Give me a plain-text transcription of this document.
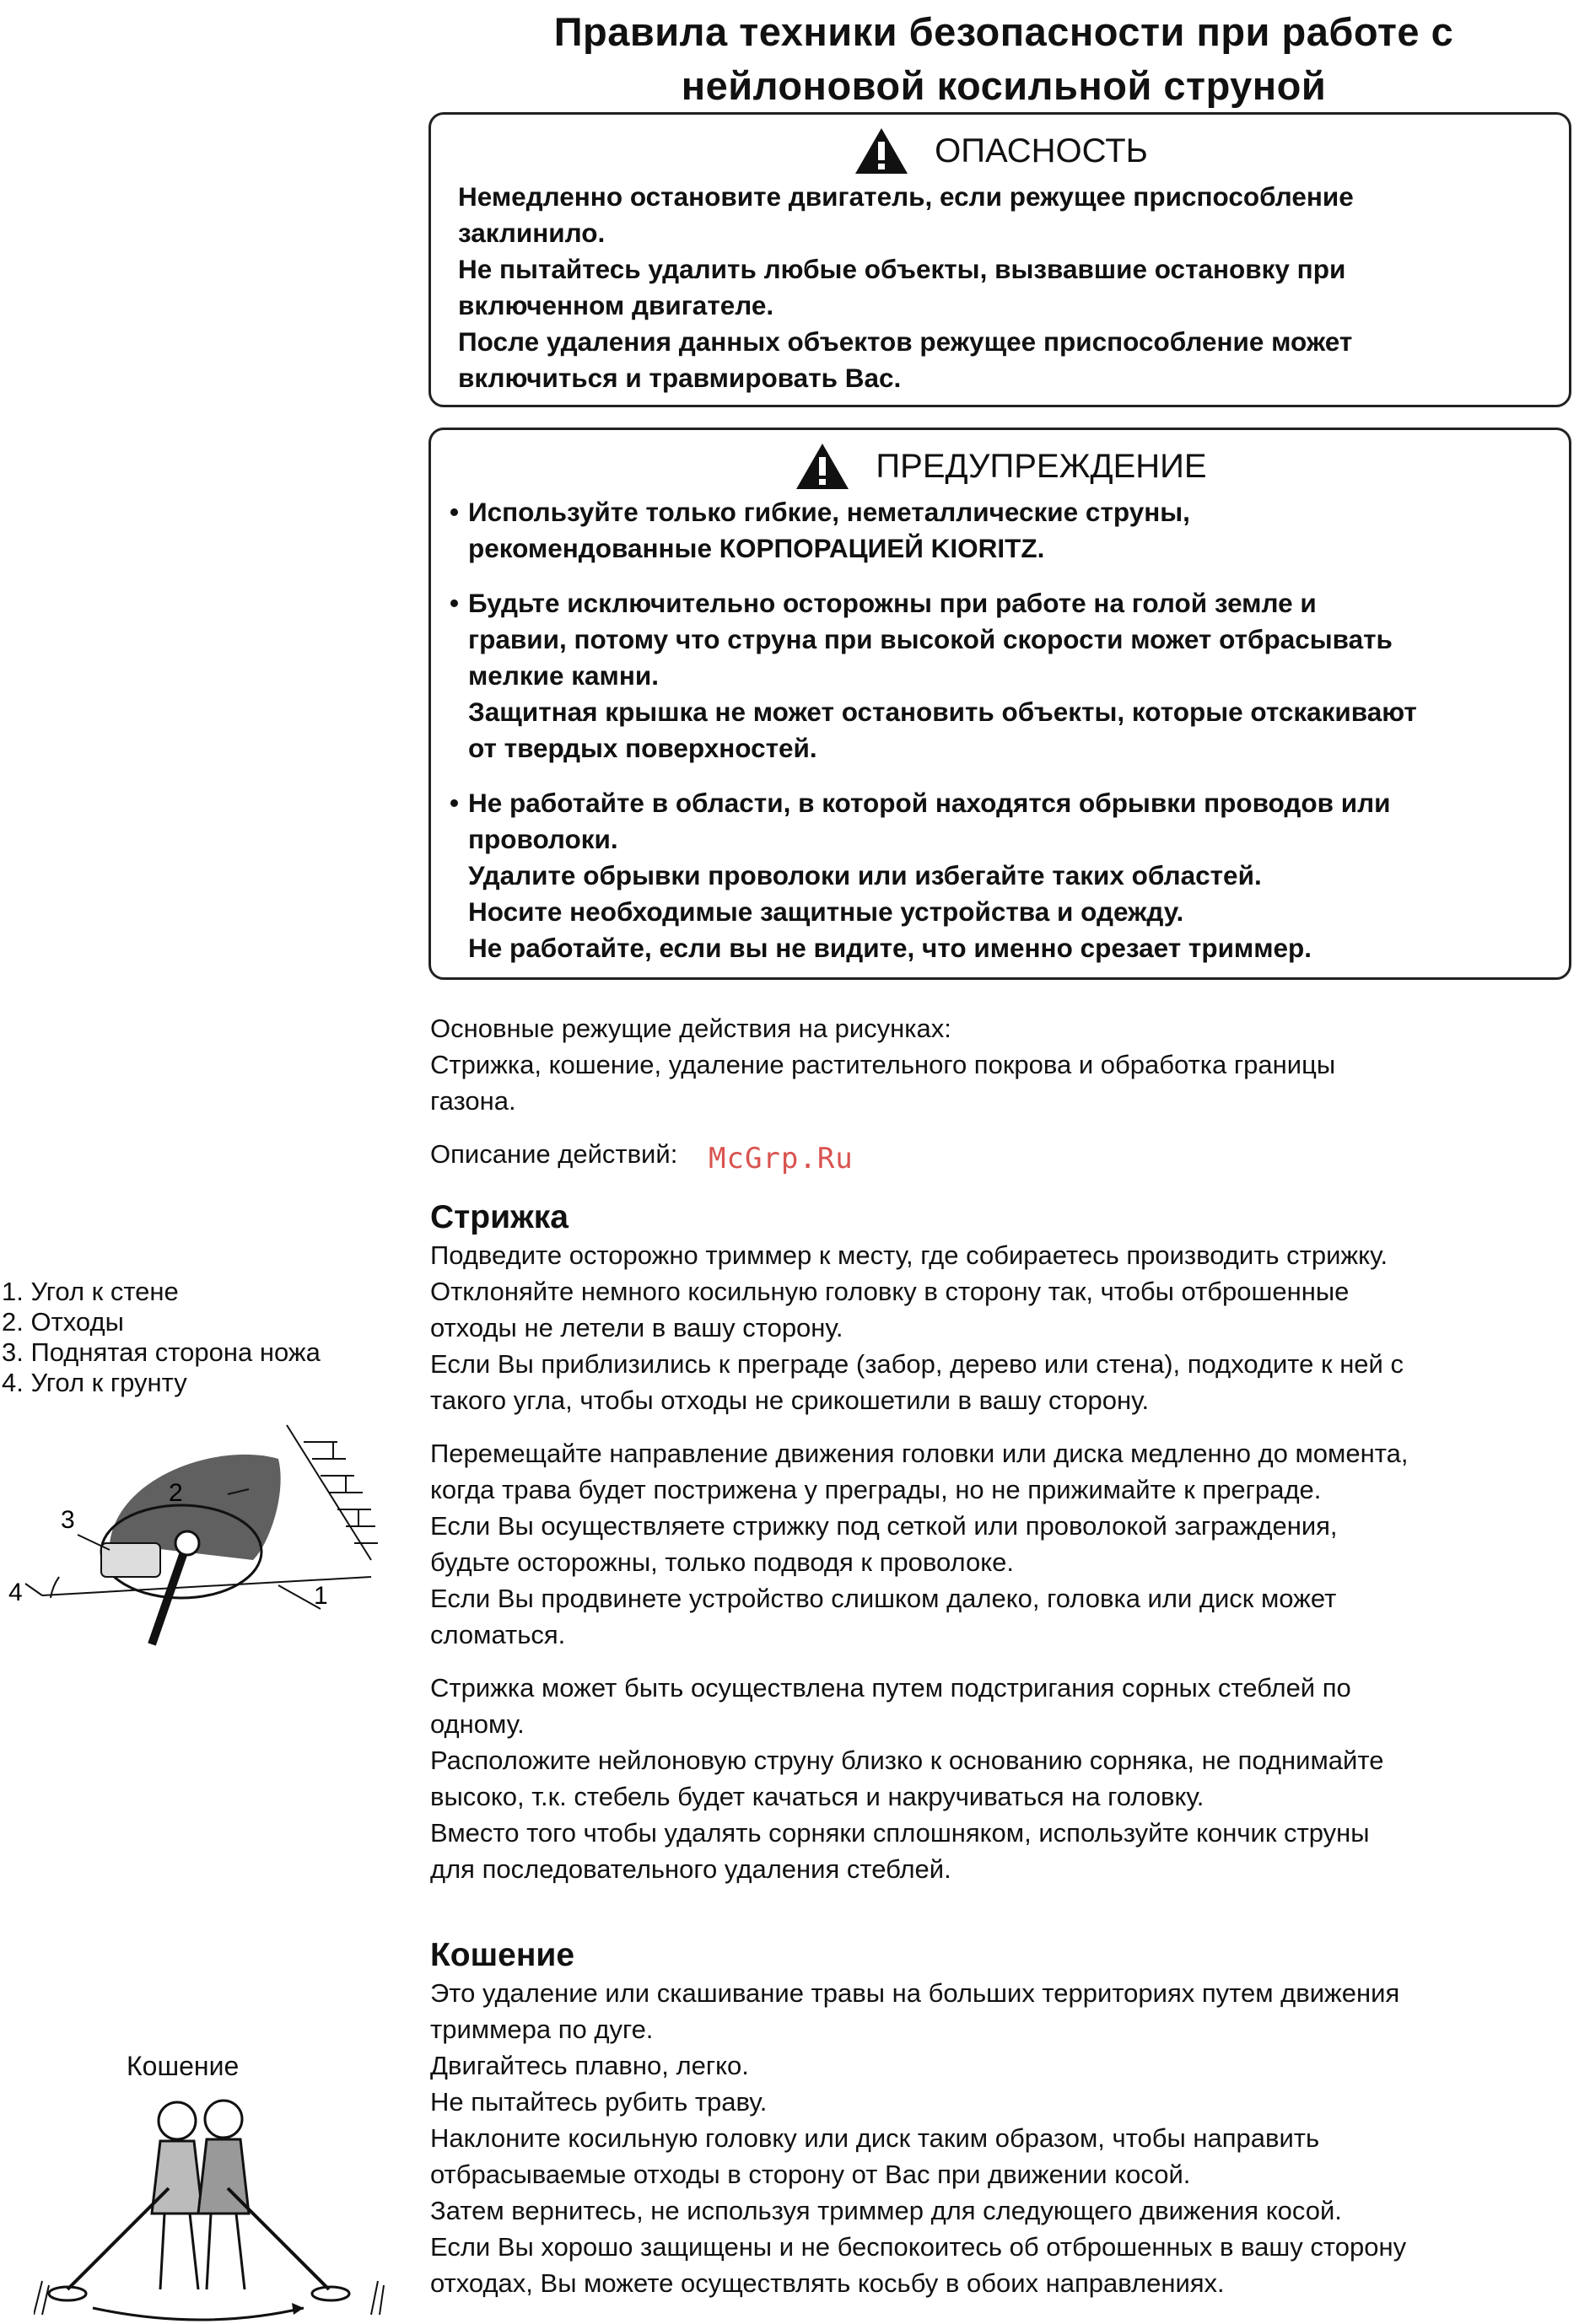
Правила техники безопасности при работе с
нейлоновой косильной струной
ОПАСНОСТЬ
Немедленно остановите двигатель, если режущее приспособление
заклинило.
Не пытайтесь удалить любые объекты, вызвавшие остановку при
включенном двигателе.
После удаления данных объектов режущее приспособление может
включиться и травмировать Вас.
ПРЕДУПРЕЖДЕНИЕ
• Используйте только гибкие, неметаллические струны,
рекомендованные КОРПОРАЦИЕЙ KIORITZ.
• Будьте исключительно осторожны при работе на голой земле и
гравии, потому что струна при высокой скорости может отбрасывать
мелкие камни.
Защитная крышка не может остановить объекты, которые отскакивают
от твердых поверхностей.
• Не работайте в области, в которой находятся обрывки проводов или
проволоки.
Удалите обрывки проволоки или избегайте таких областей.
Носите необходимые защитные устройства и одежду.
Не работайте, если вы не видите, что именно срезает триммер.
Основные режущие действия на рисунках:
Стрижка, кошение, удаление растительного покрова и обработка границы
газона.
Описание действий:	McGrp.Ru
Стрижка
Подведите осторожно триммер к месту, где собираетесь производить стрижку.
Отклоняйте немного косильную головку в сторону так, чтобы отброшенные
отходы не летели в вашу сторону.
Если Вы приблизились к преграде (забор, дерево или стена), подходите к ней с
такого угла, чтобы отходы не срикошетили в вашу сторону.
Перемещайте направление движения головки или диска медленно до момента,
когда трава будет пострижена у преграды, но не прижимайте к преграде.
Если Вы осуществляете стрижку под сеткой или проволокой заграждения,
будьте осторожны, только подводя к проволоке.
Если Вы продвинете устройство слишком далеко, головка или диск может
сломаться.
Стрижка может быть осуществлена путем подстригания сорных стеблей по
одному.
Расположите нейлоновую струну близко к основанию сорняка, не поднимайте
высоко, т.к. стебель будет качаться и накручиваться на головку.
Вместо того чтобы удалять сорняки сплошняком, используйте кончик струны
для последовательного удаления стеблей.
Кошение
Это удаление или скашивание травы на больших территориях путем движения
триммера по дуге.
Двигайтесь плавно, легко.
Не пытайтесь рубить траву.
Наклоните косильную головку или диск таким образом, чтобы направить
отбрасываемые отходы в сторону от Вас при движении косой.
Затем вернитесь, не используя триммер для следующего движения косой.
Если Вы хорошо защищены и не беспокоитесь об отброшенных в вашу сторону
отходах, Вы можете осуществлять косьбу в обоих направлениях.
1. Угол к стене
2. Отходы
3. Поднятая сторона ножа
4. Угол к грунту
2
3
4	1
Кошение
